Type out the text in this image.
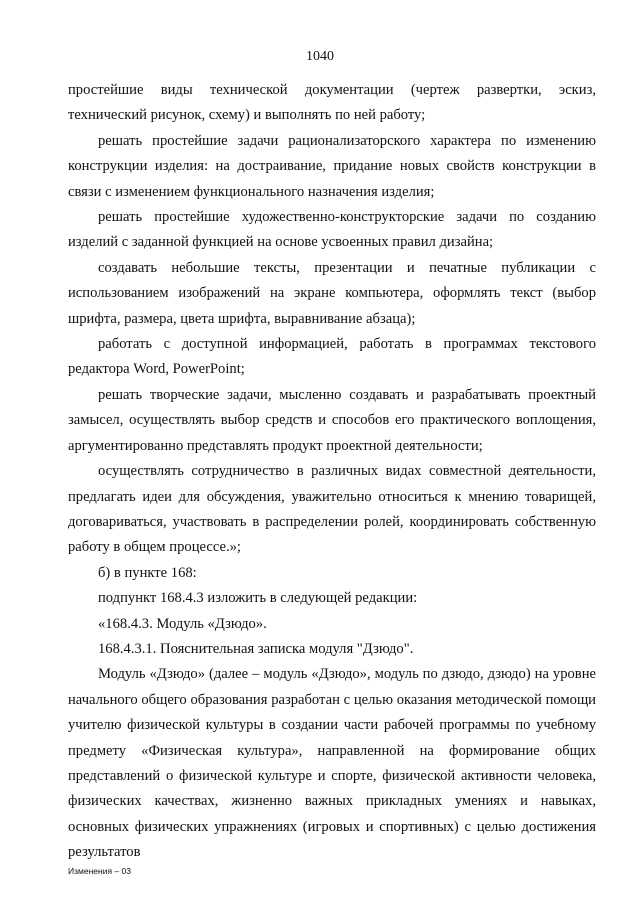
1040

простейшие виды технической документации (чертеж развертки, эскиз, технический рисунок, схему) и выполнять по ней работу;

решать простейшие задачи рационализаторского характера по изменению конструкции изделия: на достраивание, придание новых свойств конструкции в связи с изменением функционального назначения изделия;

решать простейшие художественно-конструкторские задачи по созданию изделий с заданной функцией на основе усвоенных правил дизайна;

создавать небольшие тексты, презентации и печатные публикации с использованием изображений на экране компьютера, оформлять текст (выбор шрифта, размера, цвета шрифта, выравнивание абзаца);

работать с доступной информацией, работать в программах текстового редактора Word, PowerPoint;

решать творческие задачи, мысленно создавать и разрабатывать проектный замысел, осуществлять выбор средств и способов его практического воплощения, аргументированно представлять продукт проектной деятельности;

осуществлять сотрудничество в различных видах совместной деятельности, предлагать идеи для обсуждения, уважительно относиться к мнению товарищей, договариваться, участвовать в распределении ролей, координировать собственную работу в общем процессе.»;

б) в пункте 168:

подпункт 168.4.3 изложить в следующей редакции:

«168.4.3. Модуль «Дзюдо».

168.4.3.1. Пояснительная записка модуля "Дзюдо".

Модуль «Дзюдо» (далее – модуль «Дзюдо», модуль по дзюдо, дзюдо) на уровне начального общего образования разработан с целью оказания методической помощи учителю физической культуры в создании части рабочей программы по учебному предмету «Физическая культура», направленной на формирование общих представлений о физической культуре и спорте, физической активности человека, физических качествах, жизненно важных прикладных умениях и навыках, основных физических упражнениях (игровых и спортивных) с целью достижения результатов

Изменения – 03
